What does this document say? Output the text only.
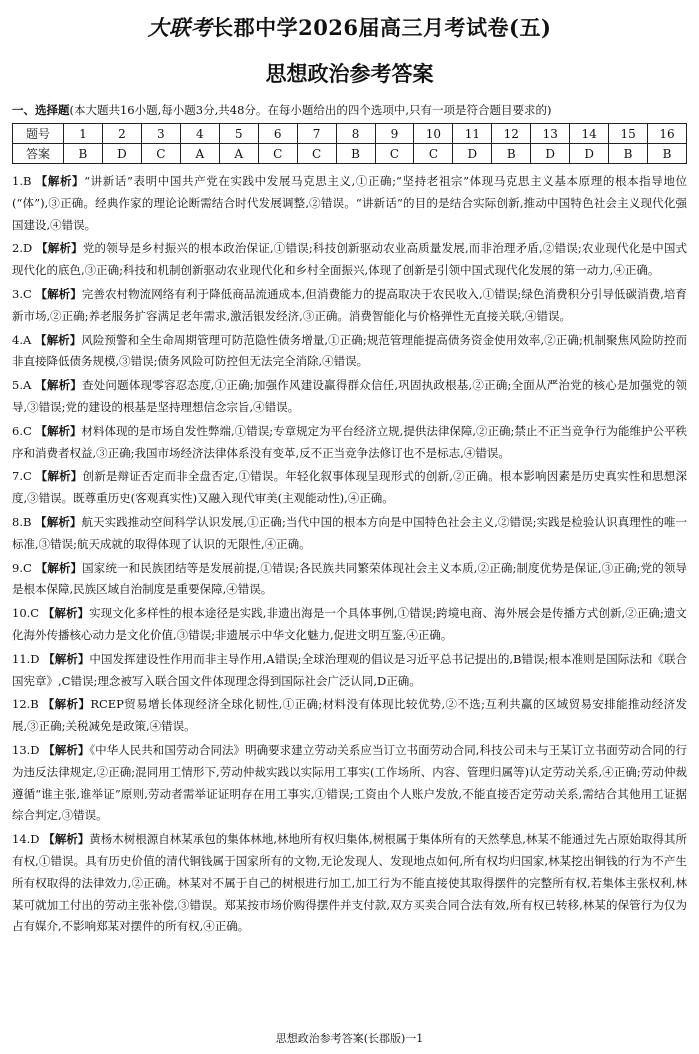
大联考长郡中学2026届高三月考试卷(五)
思想政治参考答案

一、选择题(本大题共16小题,每小题3分,共48分。在每小题给出的四个选项中,只有一项是符合题目要求的)

题号	1	2	3	4	5	6	7	8	9	10	11	12	13	14	15	16
答案	B	D	C	A	A	C	C	B	C	C	D	B	D	D	B	B

1.B 【解析】“讲新话”表明中国共产党在实践中发展马克思主义,①正确;“坚持老祖宗”体现马克思主义基本原理的根本指导地位(“体”),③正确。经典作家的理论论断需结合时代发展调整,②错误。“讲新话”的目的是结合实际创新,推动中国特色社会主义现代化强国建设,④错误。

2.D 【解析】党的领导是乡村振兴的根本政治保证,①错误;科技创新驱动农业高质量发展,而非治理矛盾,②错误;农业现代化是中国式现代化的底色,③正确;科技和机制创新驱动农业现代化和乡村全面振兴,体现了创新是引领中国式现代化发展的第一动力,④正确。

3.C 【解析】完善农村物流网络有利于降低商品流通成本,但消费能力的提高取决于农民收入,①错误;绿色消费积分引导低碳消费,培育新市场,②正确;养老服务扩容满足老年需求,激活银发经济,③正确。消费智能化与价格弹性无直接关联,④错误。

4.A 【解析】风险预警和全生命周期管理可防范隐性债务增量,①正确;规范管理能提高债务资金使用效率,②正确;机制聚焦风险防控而非直接降低债务规模,③错误;债务风险可防控但无法完全消除,④错误。

5.A 【解析】查处问题体现零容忍态度,①正确;加强作风建设赢得群众信任,巩固执政根基,②正确;全面从严治党的核心是加强党的领导,③错误;党的建设的根基是坚持理想信念宗旨,④错误。

6.C 【解析】材料体现的是市场自发性弊端,①错误;专章规定为平台经济立规,提供法律保障,②正确;禁止不正当竞争行为能维护公平秩序和消费者权益,③正确;我国市场经济法律体系没有变革,反不正当竞争法修订也不是标志,④错误。

7.C 【解析】创新是辩证否定而非全盘否定,①错误。年轻化叙事体现呈现形式的创新,②正确。根本影响因素是历史真实性和思想深度,③错误。既尊重历史(客观真实性)又融入现代审美(主观能动性),④正确。

8.B 【解析】航天实践推动空间科学认识发展,①正确;当代中国的根本方向是中国特色社会主义,②错误;实践是检验认识真理性的唯一标准,③错误;航天成就的取得体现了认识的无限性,④正确。

9.C 【解析】国家统一和民族团结等是发展前提,①错误;各民族共同繁荣体现社会主义本质,②正确;制度优势是保证,③正确;党的领导是根本保障,民族区域自治制度是重要保障,④错误。

10.C 【解析】实现文化多样性的根本途径是实践,非遗出海是一个具体事例,①错误;跨境电商、海外展会是传播方式创新,②正确;遗文化海外传播核心动力是文化价值,③错误;非遗展示中华文化魅力,促进文明互鉴,④正确。

11.D 【解析】中国发挥建设性作用而非主导作用,A错误;全球治理观的倡议是习近平总书记提出的,B错误;根本准则是国际法和《联合国宪章》,C错误;理念被写入联合国文件体现理念得到国际社会广泛认同,D正确。

12.B 【解析】RCEP贸易增长体现经济全球化韧性,①正确;材料没有体现比较优势,②不选;互利共赢的区域贸易安排能推动经济发展,③正确;关税减免是政策,④错误。

13.D 【解析】《中华人民共和国劳动合同法》明确要求建立劳动关系应当订立书面劳动合同,科技公司未与王某订立书面劳动合同的行为违反法律规定,②正确;混同用工情形下,劳动仲裁实践以实际用工事实(工作场所、内容、管理归属等)认定劳动关系,④正确;劳动仲裁遵循“谁主张,谁举证”原则,劳动者需举证证明存在用工事实,①错误;工资由个人账户发放,不能直接否定劳动关系,需结合其他用工证据综合判定,③错误。

14.D 【解析】黄杨木树根源自林某承包的集体林地,林地所有权归集体,树根属于集体所有的天然孳息,林某不能通过先占原始取得其所有权,①错误。具有历史价值的清代铜钱属于国家所有的文物,无论发现人、发现地点如何,所有权均归国家,林某挖出铜钱的行为不产生所有权取得的法律效力,②正确。林某对不属于自己的树根进行加工,加工行为不能直接使其取得摆件的完整所有权,若集体主张权利,林某可就加工付出的劳动主张补偿,③错误。郑某按市场价购得摆件并支付款,双方买卖合同合法有效,所有权已转移,林某的保管行为仅为占有媒介,不影响郑某对摆件的所有权,④正确。

思想政治参考答案(长郡版)一1
